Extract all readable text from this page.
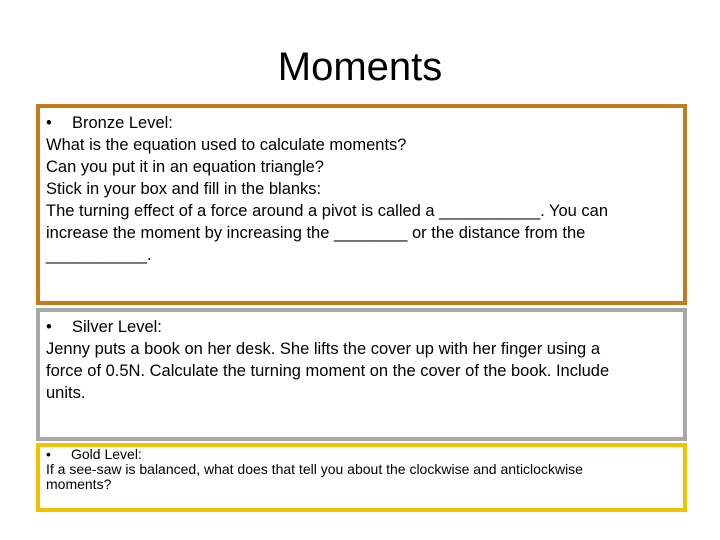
Moments
•	Bronze Level:
What is the equation used to calculate moments?
Can you put it in an equation triangle?
Stick in your box and fill in the blanks:
The turning effect of a force around a pivot is called a ___________. You can
increase the moment by increasing the ________ or the distance from the
___________.
•	Silver Level:
Jenny puts a book on her desk. She lifts the cover up with her finger using a
force of 0.5N. Calculate the turning moment on the cover of the book. Include
units.
•	Gold Level:
If a see-saw is balanced, what does that tell you about the clockwise and anticlockwise
moments?
